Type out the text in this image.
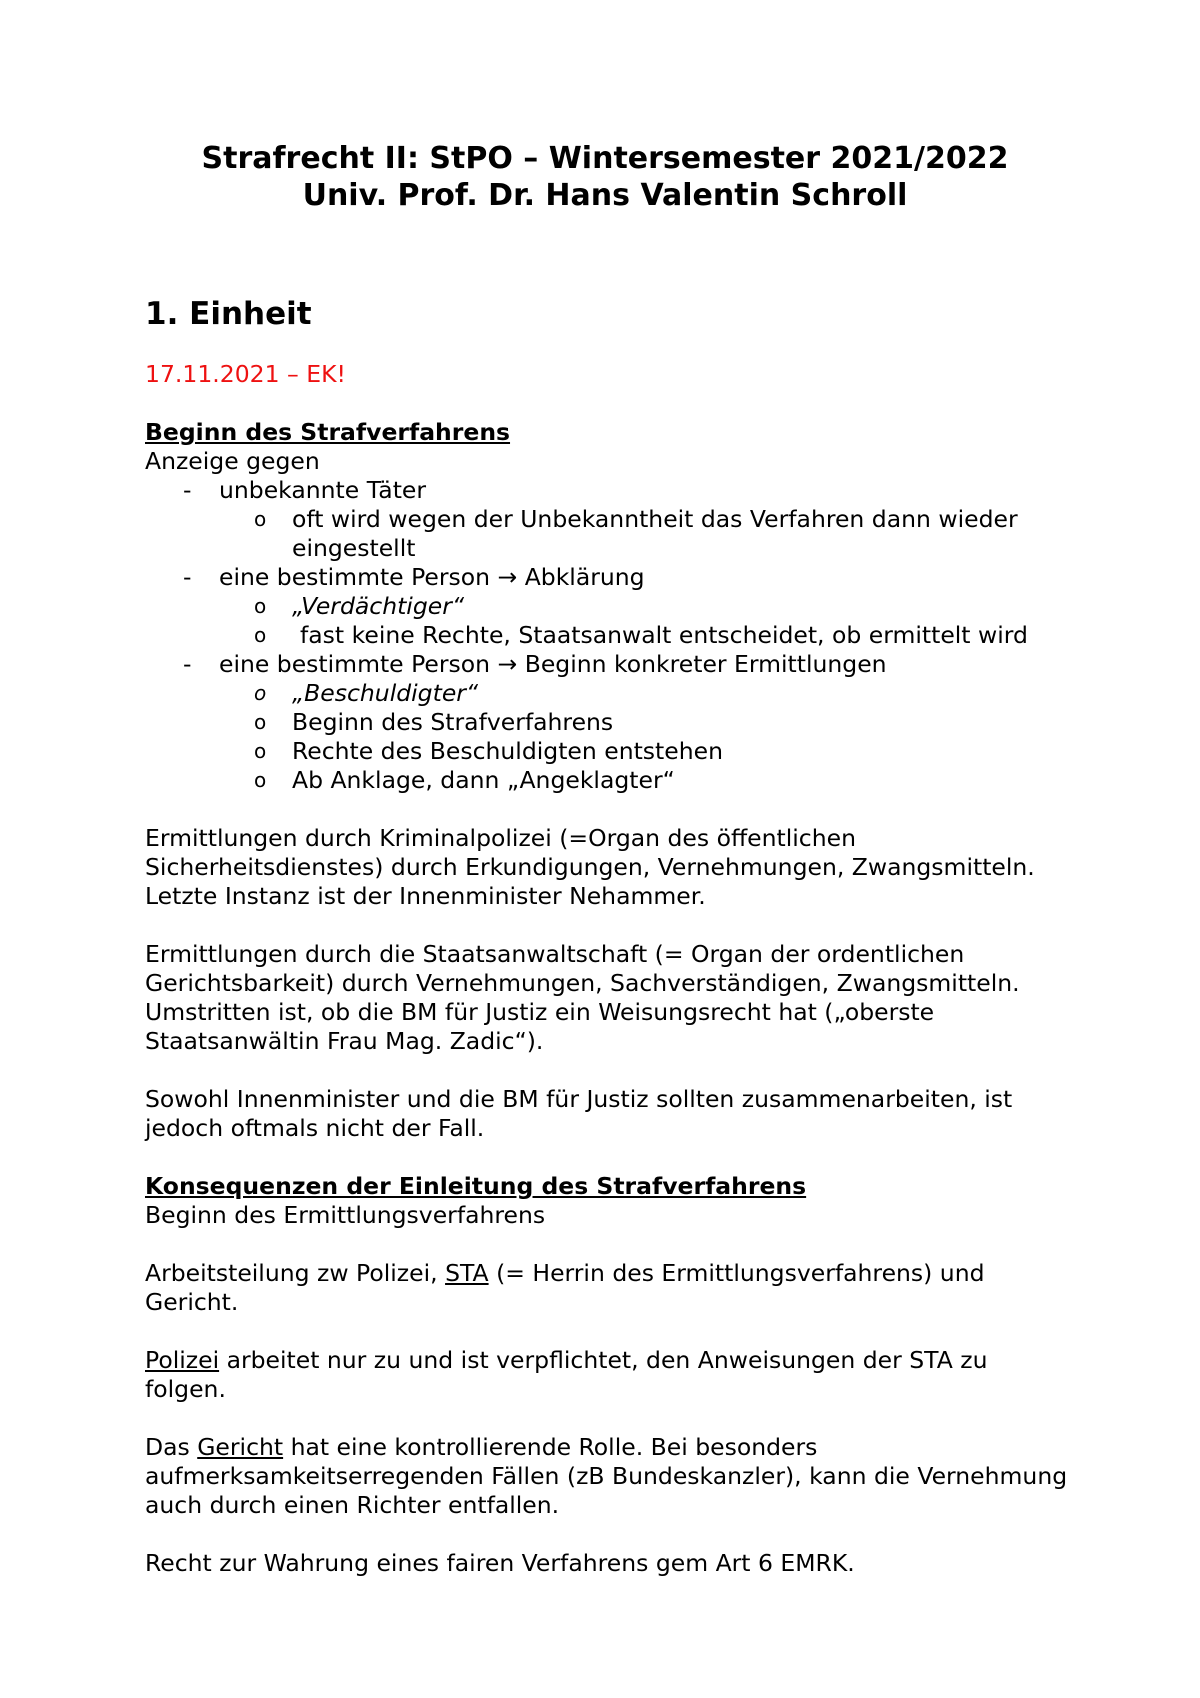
Strafrecht II: StPO – Wintersemester 2021/2022

Univ. Prof. Dr. Hans Valentin Schroll

1. Einheit

17.11.2021 – EK!
Beginn des Strafverfahrens
Anzeige gegen
- unbekannte Täter
o oft wird wegen der Unbekanntheit das Verfahren dann wieder eingestellt
- eine bestimmte Person → Abklärung
o „Verdächtiger“
o fast keine Rechte, Staatsanwalt entscheidet, ob ermittelt wird
- eine bestimmte Person → Beginn konkreter Ermittlungen
o „Beschuldigter“
o Beginn des Strafverfahrens
o Rechte des Beschuldigten entstehen
o Ab Anklage, dann „Angeklagter“

Ermittlungen durch Kriminalpolizei (=Organ des öffentlichen Sicherheitsdienstes) durch Erkundigungen, Vernehmungen, Zwangsmitteln. Letzte Instanz ist der Innenminister Nehammer.

Ermittlungen durch die Staatsanwaltschaft (= Organ der ordentlichen Gerichtsbarkeit) durch Vernehmungen, Sachverständigen, Zwangsmitteln. Umstritten ist, ob die BM für Justiz ein Weisungsrecht hat („oberste Staatsanwältin Frau Mag. Zadic“).

Sowohl Innenminister und die BM für Justiz sollten zusammenarbeiten, ist jedoch oftmals nicht der Fall.

Konsequenzen der Einleitung des Strafverfahrens
Beginn des Ermittlungsverfahrens

Arbeitsteilung zw Polizei, STA (= Herrin des Ermittlungsverfahrens) und Gericht.

Polizei arbeitet nur zu und ist verpflichtet, den Anweisungen der STA zu folgen.

Das Gericht hat eine kontrollierende Rolle. Bei besonders aufmerksamkeitserregenden Fällen (zB Bundeskanzler), kann die Vernehmung auch durch einen Richter entfallen.

Recht zur Wahrung eines fairen Verfahrens gem Art 6 EMRK.
